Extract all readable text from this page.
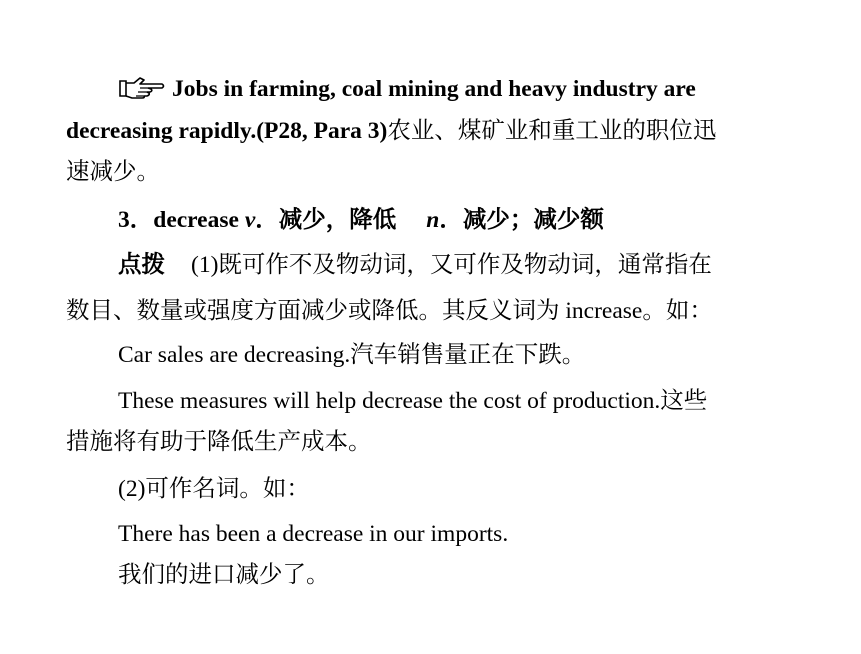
Jobs in farming, coal mining and heavy industry are
decreasing rapidly.(P28, Para 3)农业、煤矿业和重工业的职位迅
速减少。
3．decrease v．减少，降低 n．减少；减少额
点拨 (1)既可作不及物动词，又可作及物动词，通常指在
数目、数量或强度方面减少或降低。其反义词为 increase。如：
Car sales are decreasing.汽车销售量正在下跌。
These measures will help decrease the cost of production.这些
措施将有助于降低生产成本。
(2)可作名词。如：
There has been a decrease in our imports.
我们的进口减少了。
